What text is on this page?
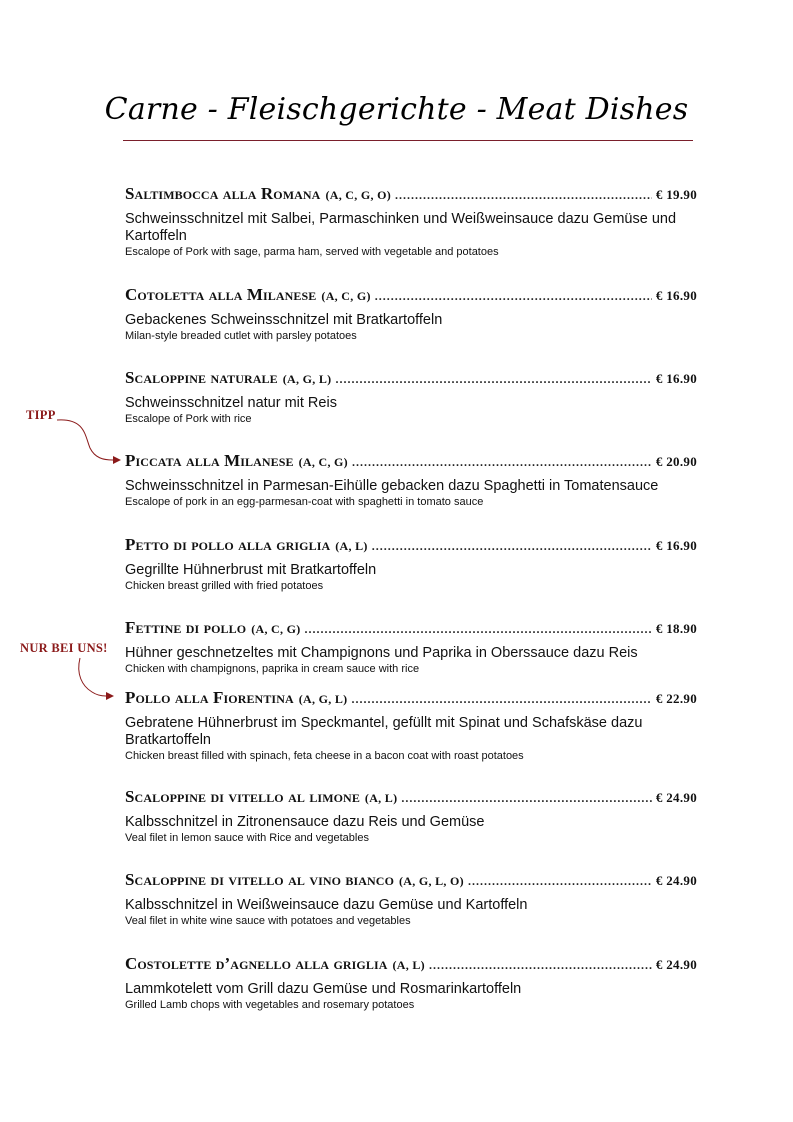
Carne - Fleischgerichte - Meat Dishes
Saltimbocca alla Romana (A, C, G, O) .....	€ 19.90
Schweinsschnitzel mit Salbei, Parmaschinken und Weißweinsauce dazu Gemüse und Kartoffeln
Escalope of Pork with sage, parma ham, served with vegetable and potatoes
Cotoletta alla Milanese (A, C, G) .....	€ 16.90
Gebackenes Schweinsschnitzel mit Bratkartoffeln
Milan-style breaded cutlet with parsley potatoes
Scaloppine naturale (A, G, L) .....	€ 16.90
Schweinsschnitzel natur mit Reis
Escalope of Pork with rice
Piccata alla Milanese (A, C, G) .....	€ 20.90
Schweinsschnitzel in Parmesan-Eihülle gebacken dazu Spaghetti in Tomatensauce
Escalope of pork in an egg-parmesan-coat with spaghetti in tomato sauce
Petto di pollo alla griglia (A, L) .....	€ 16.90
Gegrillte Hühnerbrust mit Bratkartoffeln
Chicken breast grilled with fried potatoes
Fettine di pollo (A, C, G) .....	€ 18.90
Hühner geschnetzeltes mit Champignons und Paprika in Oberssauce dazu Reis
Chicken with champignons, paprika in cream sauce with rice
Pollo alla Fiorentina (A, G, L) .....	€ 22.90
Gebratene Hühnerbrust im Speckmantel, gefüllt mit Spinat und Schafskäse dazu Bratkartoffeln
Chicken breast filled with spinach, feta cheese in a bacon coat with roast potatoes
Scaloppine di vitello al limone (A, L) .....	€ 24.90
Kalbsschnitzel in Zitronensauce dazu Reis und Gemüse
Veal filet in lemon sauce with Rice and vegetables
Scaloppine di vitello al vino bianco (A, G, L, O) .....	€ 24.90
Kalbsschnitzel in Weißweinsauce dazu Gemüse und Kartoffeln
Veal filet in white wine sauce with potatoes and vegetables
Costolette d’agnello alla griglia (A, L) .....	€ 24.90
Lammkotelett vom Grill dazu Gemüse und Rosmarinkartoffeln
Grilled Lamb chops with vegetables and rosemary potatoes
TIPP
NUR BEI UNS!
